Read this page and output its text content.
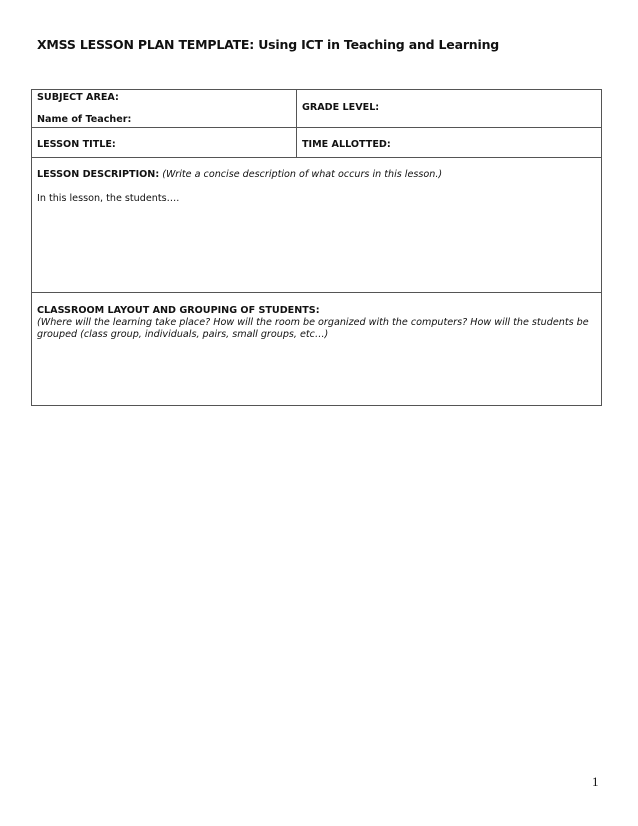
XMSS LESSON PLAN TEMPLATE: Using ICT in Teaching and Learning
SUBJECT AREA:
Name of Teacher:
GRADE LEVEL:
LESSON TITLE:	TIME ALLOTTED:
LESSON DESCRIPTION: (Write a concise description of what occurs in this lesson.)
In this lesson, the students….
CLASSROOM LAYOUT AND GROUPING OF STUDENTS:
(Where will the learning take place? How will the room be organized with the computers? How will the students be
grouped (class group, individuals, pairs, small groups, etc…)
1
